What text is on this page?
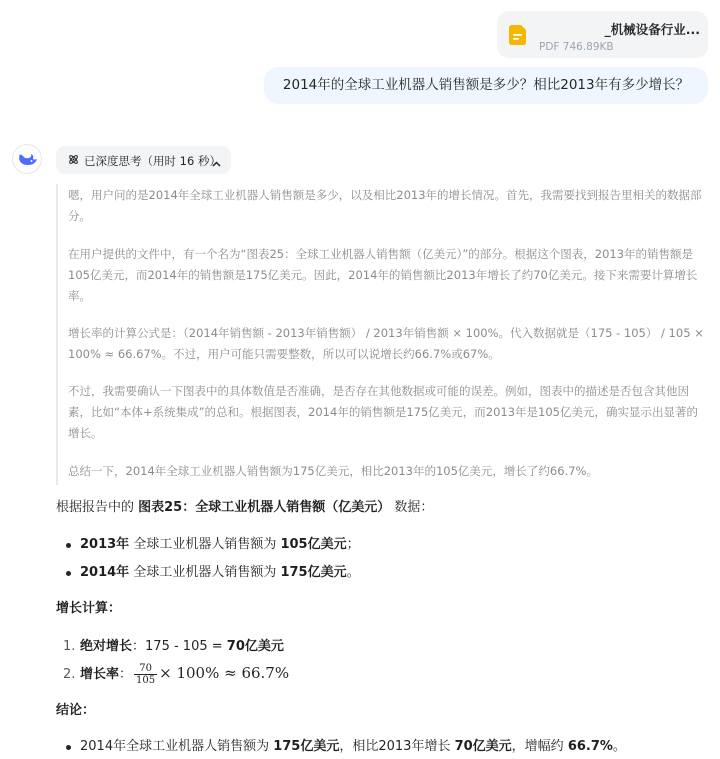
_机械设备行业...
PDF 746.89KB
2014年的全球工业机器人销售额是多少？相比2013年有多少增长？
已深度思考（用时 16 秒）

嗯，用户问的是2014年全球工业机器人销售额是多少，以及相比2013年的增长情况。首先，我需要找到报告里相关的数据部分。

在用户提供的文件中，有一个名为“图表25：全球工业机器人销售额（亿美元）”的部分。根据这个图表，2013年的销售额是105亿美元，而2014年的销售额是175亿美元。因此，2014年的销售额比2013年增长了约70亿美元。接下来需要计算增长率。

增长率的计算公式是：（2014年销售额 - 2013年销售额） / 2013年销售额 × 100%。代入数据就是（175 - 105） / 105 × 100% ≈ 66.67%。不过，用户可能只需要整数，所以可以说增长约66.7%或67%。

不过，我需要确认一下图表中的具体数值是否准确，是否存在其他数据或可能的误差。例如，图表中的描述是否包含其他因素，比如“本体+系统集成”的总和。根据图表，2014年的销售额是175亿美元，而2013年是105亿美元，确实显示出显著的增长。

总结一下，2014年全球工业机器人销售额为175亿美元，相比2013年的105亿美元，增长了约66.7%。

根据报告中的 图表25：全球工业机器人销售额（亿美元） 数据：
2013年 全球工业机器人销售额为 105亿美元；
2014年 全球工业机器人销售额为 175亿美元。
增长计算：
1. 绝对增长：175 - 105 = 70亿美元
2. 增长率： $\frac{70}{105} \times 100\% \approx 66.7\%$
结论：
2014年全球工业机器人销售额为 175亿美元，相比2013年增长 70亿美元，增幅约 66.7%。
